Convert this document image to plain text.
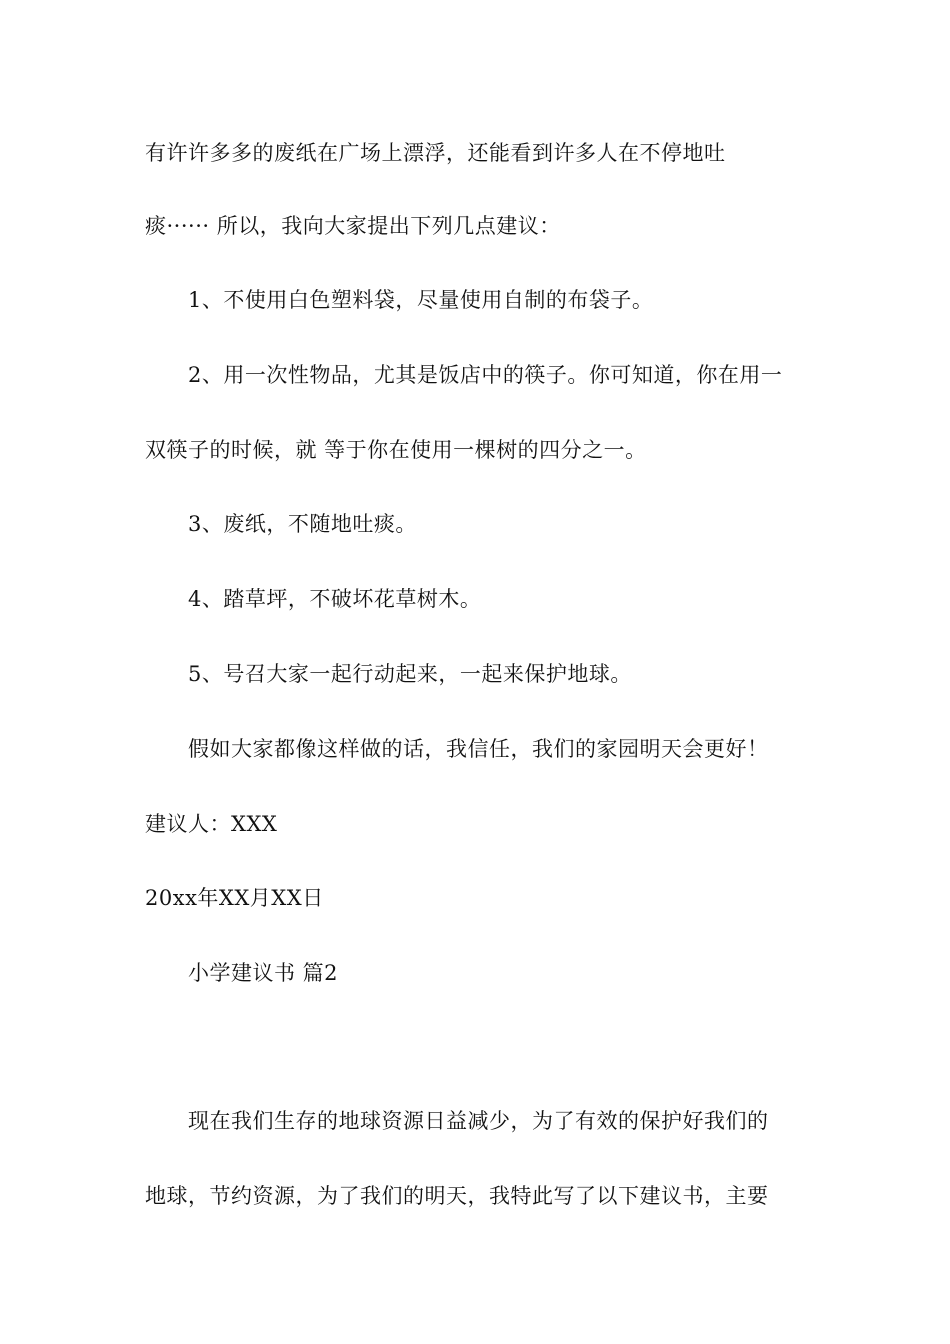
有许许多多的废纸在广场上漂浮，还能看到许多人在不停地吐
痰······ 所以，我向大家提出下列几点建议：
1、不使用白色塑料袋，尽量使用自制的布袋子。
2、用一次性物品，尤其是饭店中的筷子。你可知道，你在用一
双筷子的时候，就 等于你在使用一棵树的四分之一。
3、废纸，不随地吐痰。
4、踏草坪，不破坏花草树木。
5、号召大家一起行动起来，一起来保护地球。
假如大家都像这样做的话，我信任，我们的家园明天会更好！
建议人：XXX
20xx年XX月XX日
小学建议书 篇2
现在我们生存的地球资源日益减少，为了有效的保护好我们的
地球，节约资源，为了我们的明天，我特此写了以下建议书，主要
